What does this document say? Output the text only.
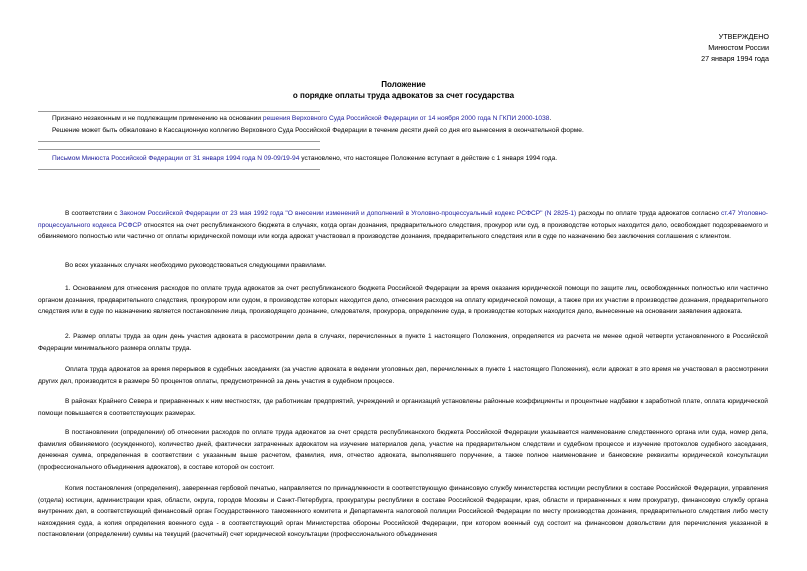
УТВЕРЖДЕНО
Минюстом России
27 января 1994 года
Положение
о порядке оплаты труда адвокатов за счет государства
Признано незаконным и не подлежащим применению на основании решения Верховного Суда Российской Федерации от 14 ноября 2000 года N ГКПИ 2000-1038.
Решение может быть обжаловано в Кассационную коллегию Верховного Суда Российской Федерации в течение десяти дней со дня его вынесения в окончательной форме.
Письмом Минюста Российской Федерации от 31 января 1994 года N 09-09/19-94 установлено, что настоящее Положение вступает в действие с 1 января 1994 года.
В соответствии с Законом Российской Федерации от 23 мая 1992 года "О внесении изменений и дополнений в Уголовно-процессуальный кодекс РСФСР" (N 2825-1) расходы по оплате труда адвокатов согласно ст.47 Уголовно-процессуального кодекса РСФСР относятся на счет республиканского бюджета в случаях, когда орган дознания, предварительного следствия, прокурор или суд, в производстве которых находится дело, освобождает подозреваемого и обвиняемого полностью или частично от оплаты юридической помощи или когда адвокат участвовал в производстве дознания, предварительного следствия или в суде по назначению без заключения соглашения с клиентом.
Во всех указанных случаях необходимо руководствоваться следующими правилами.
1. Основанием для отнесения расходов по оплате труда адвокатов за счет республиканского бюджета Российской Федерации за время оказания юридической помощи по защите лиц, освобожденных полностью или частично органом дознания, предварительного следствия, прокурором или судом, в производстве которых находится дело, отнесения расходов на оплату юридической помощи, а также при их участии в производстве дознания, предварительного следствия или в суде по назначению является постановление лица, производящего дознание, следователя, прокурора, определение суда, в производстве которых находится дело, вынесенные на основании заявления адвоката.
2. Размер оплаты труда за один день участия адвоката в рассмотрении дела в случаях, перечисленных в пункте 1 настоящего Положения, определяется из расчета не менее одной четверти установленного в Российской Федерации минимального размера оплаты труда.
Оплата труда адвокатов за время перерывов в судебных заседаниях (за участие адвоката в ведении уголовных дел, перечисленных в пункте 1 настоящего Положения), если адвокат в это время не участвовал в рассмотрении других дел, производится в размере 50 процентов оплаты, предусмотренной за день участия в судебном процессе.
В районах Крайнего Севера и приравненных к ним местностях, где работникам предприятий, учреждений и организаций установлены районные коэффициенты и процентные надбавки к заработной плате, оплата юридической помощи повышается в соответствующих размерах.
В постановлении (определении) об отнесении расходов по оплате труда адвокатов за счет средств республиканского бюджета Российской Федерации указывается наименование следственного органа или суда, номер дела, фамилия обвиняемого (осужденного), количество дней, фактически затраченных адвокатом на изучение материалов дела, участие на предварительном следствии и судебном процессе и изучение протоколов судебного заседания, денежная сумма, определенная в соответствии с указанным выше расчетом, фамилия, имя, отчество адвоката, выполнявшего поручение, а также полное наименование и банковские реквизиты юридической консультации (профессионального объединения адвокатов), в составе которой он состоит.
Копия постановления (определения), заверенная гербовой печатью, направляется по принадлежности в соответствующую финансовую службу министерства юстиции республики в составе Российской Федерации, управления (отдела) юстиции, администрации края, области, округа, городов Москвы и Санкт-Петербурга, прокуратуры республики в составе Российской Федерации, края, области и приравненных к ним прокуратур, финансовую службу органа внутренних дел, в соответствующий финансовый орган Государственного таможенного комитета и Департамента налоговой полиции Российской Федерации по месту производства дознания, предварительного следствия либо месту нахождения суда, а копия определения военного суда - в соответствующий орган Министерства обороны Российской Федерации, при котором военный суд состоит на финансовом довольствии для перечисления указанной в постановлении (определении) суммы на текущий (расчетный) счет юридической консультации (профессионального объединения
